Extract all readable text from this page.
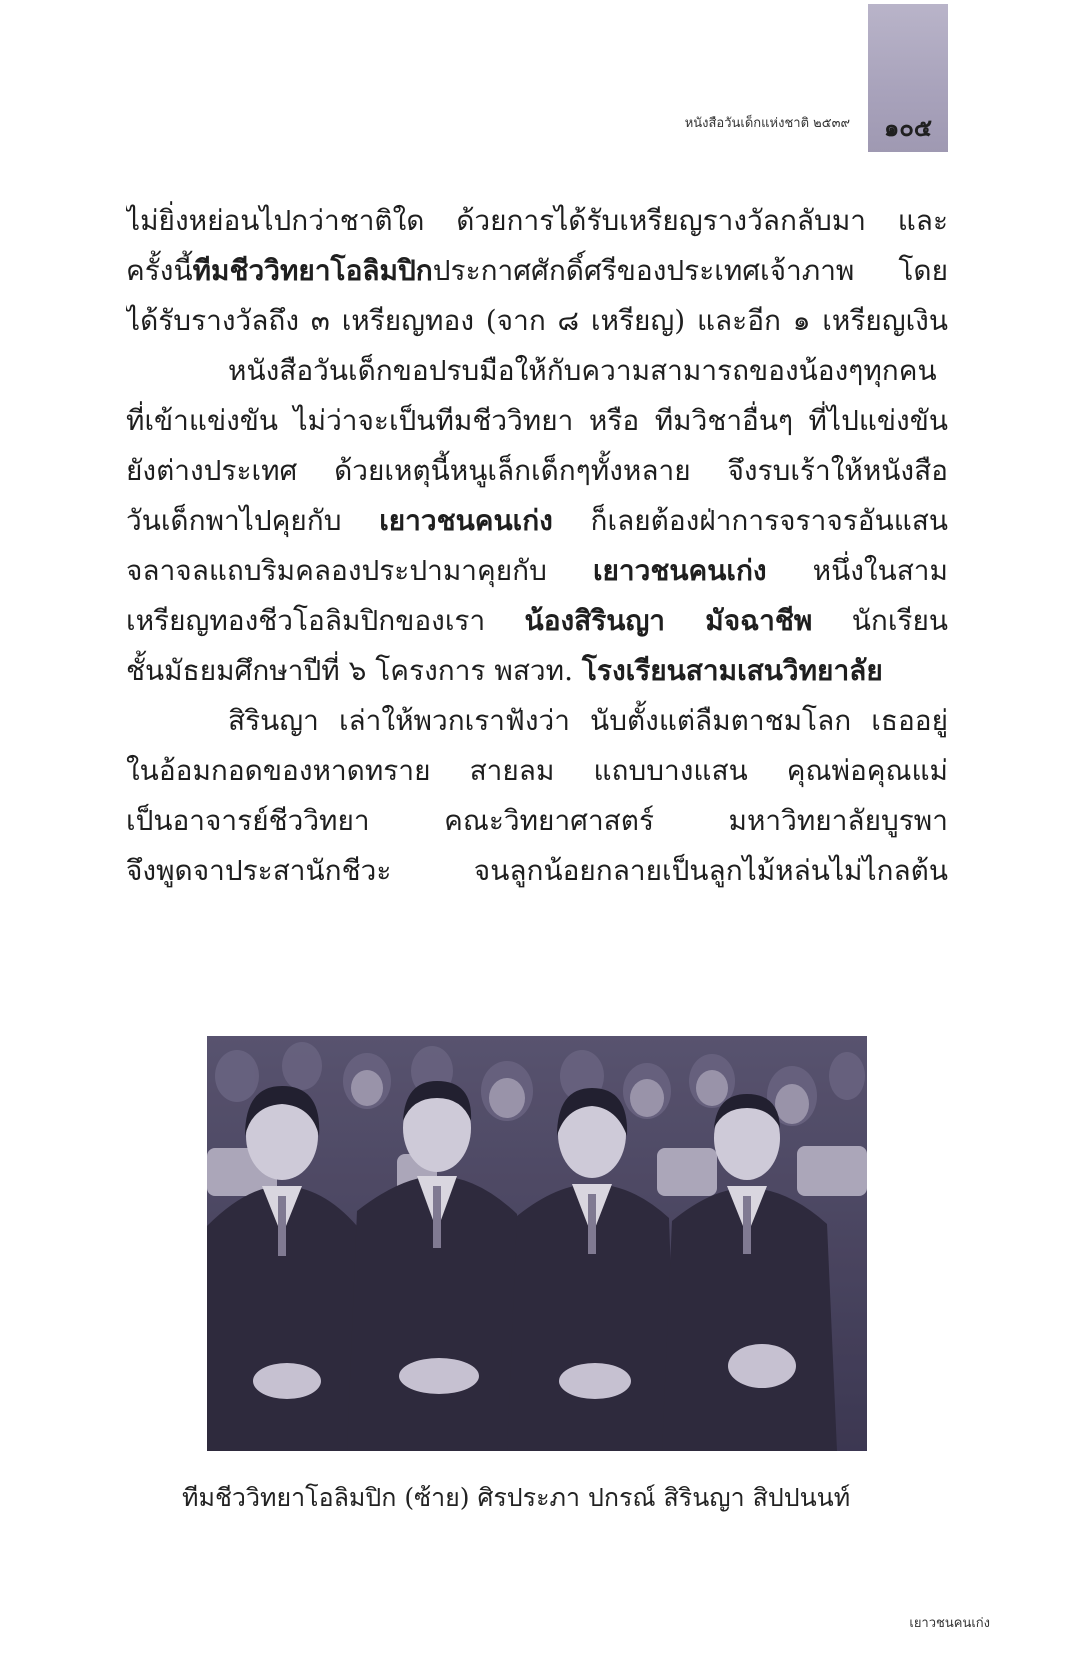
หนังสือวันเด็กแห่งชาติ ๒๕๓๙	๑๐๕
ไม่ยิ่งหย่อนไปกว่าชาติใด ด้วยการได้รับเหรียญรางวัลกลับมา และ
ครั้งนี้ทีมชีววิทยาโอลิมปิกประกาศศักดิ์ศรีของประเทศเจ้าภาพ โดย
ได้รับรางวัลถึง ๓ เหรียญทอง (จาก ๘ เหรียญ) และอีก ๑ เหรียญเงิน
หนังสือวันเด็กขอปรบมือให้กับความสามารถของน้องๆทุกคน
ที่เข้าแข่งขัน ไม่ว่าจะเป็นทีมชีววิทยา หรือ ทีมวิชาอื่นๆ ที่ไปแข่งขัน
ยังต่างประเทศ ด้วยเหตุนี้หนูเล็กเด็กๆทั้งหลาย จึงรบเร้าให้หนังสือ
วันเด็กพาไปคุยกับ เยาวชนคนเก่ง ก็เลยต้องฝ่าการจราจรอันแสน
จลาจลแถบริมคลองประปามาคุยกับ เยาวชนคนเก่ง หนึ่งในสาม
เหรียญทองชีวโอลิมปิกของเรา น้องสิรินญา มัจฉาชีพ นักเรียน
ชั้นมัธยมศึกษาปีที่ ๖ โครงการ พสวท. โรงเรียนสามเสนวิทยาลัย
สิรินญา เล่าให้พวกเราฟังว่า นับตั้งแต่ลืมตาชมโลก เธออยู่
ในอ้อมกอดของหาดทราย สายลม แถบบางแสน คุณพ่อคุณแม่
เป็นอาจารย์ชีววิทยา คณะวิทยาศาสตร์ มหาวิทยาลัยบูรพา
จึงพูดจาประสานักชีวะ จนลูกน้อยกลายเป็นลูกไม้หล่นไม่ไกลต้น
ทีมชีววิทยาโอลิมปิก (ซ้าย) ศิรประภา ปกรณ์ สิรินญา สิปปนนท์
เยาวชนคนเก่ง
